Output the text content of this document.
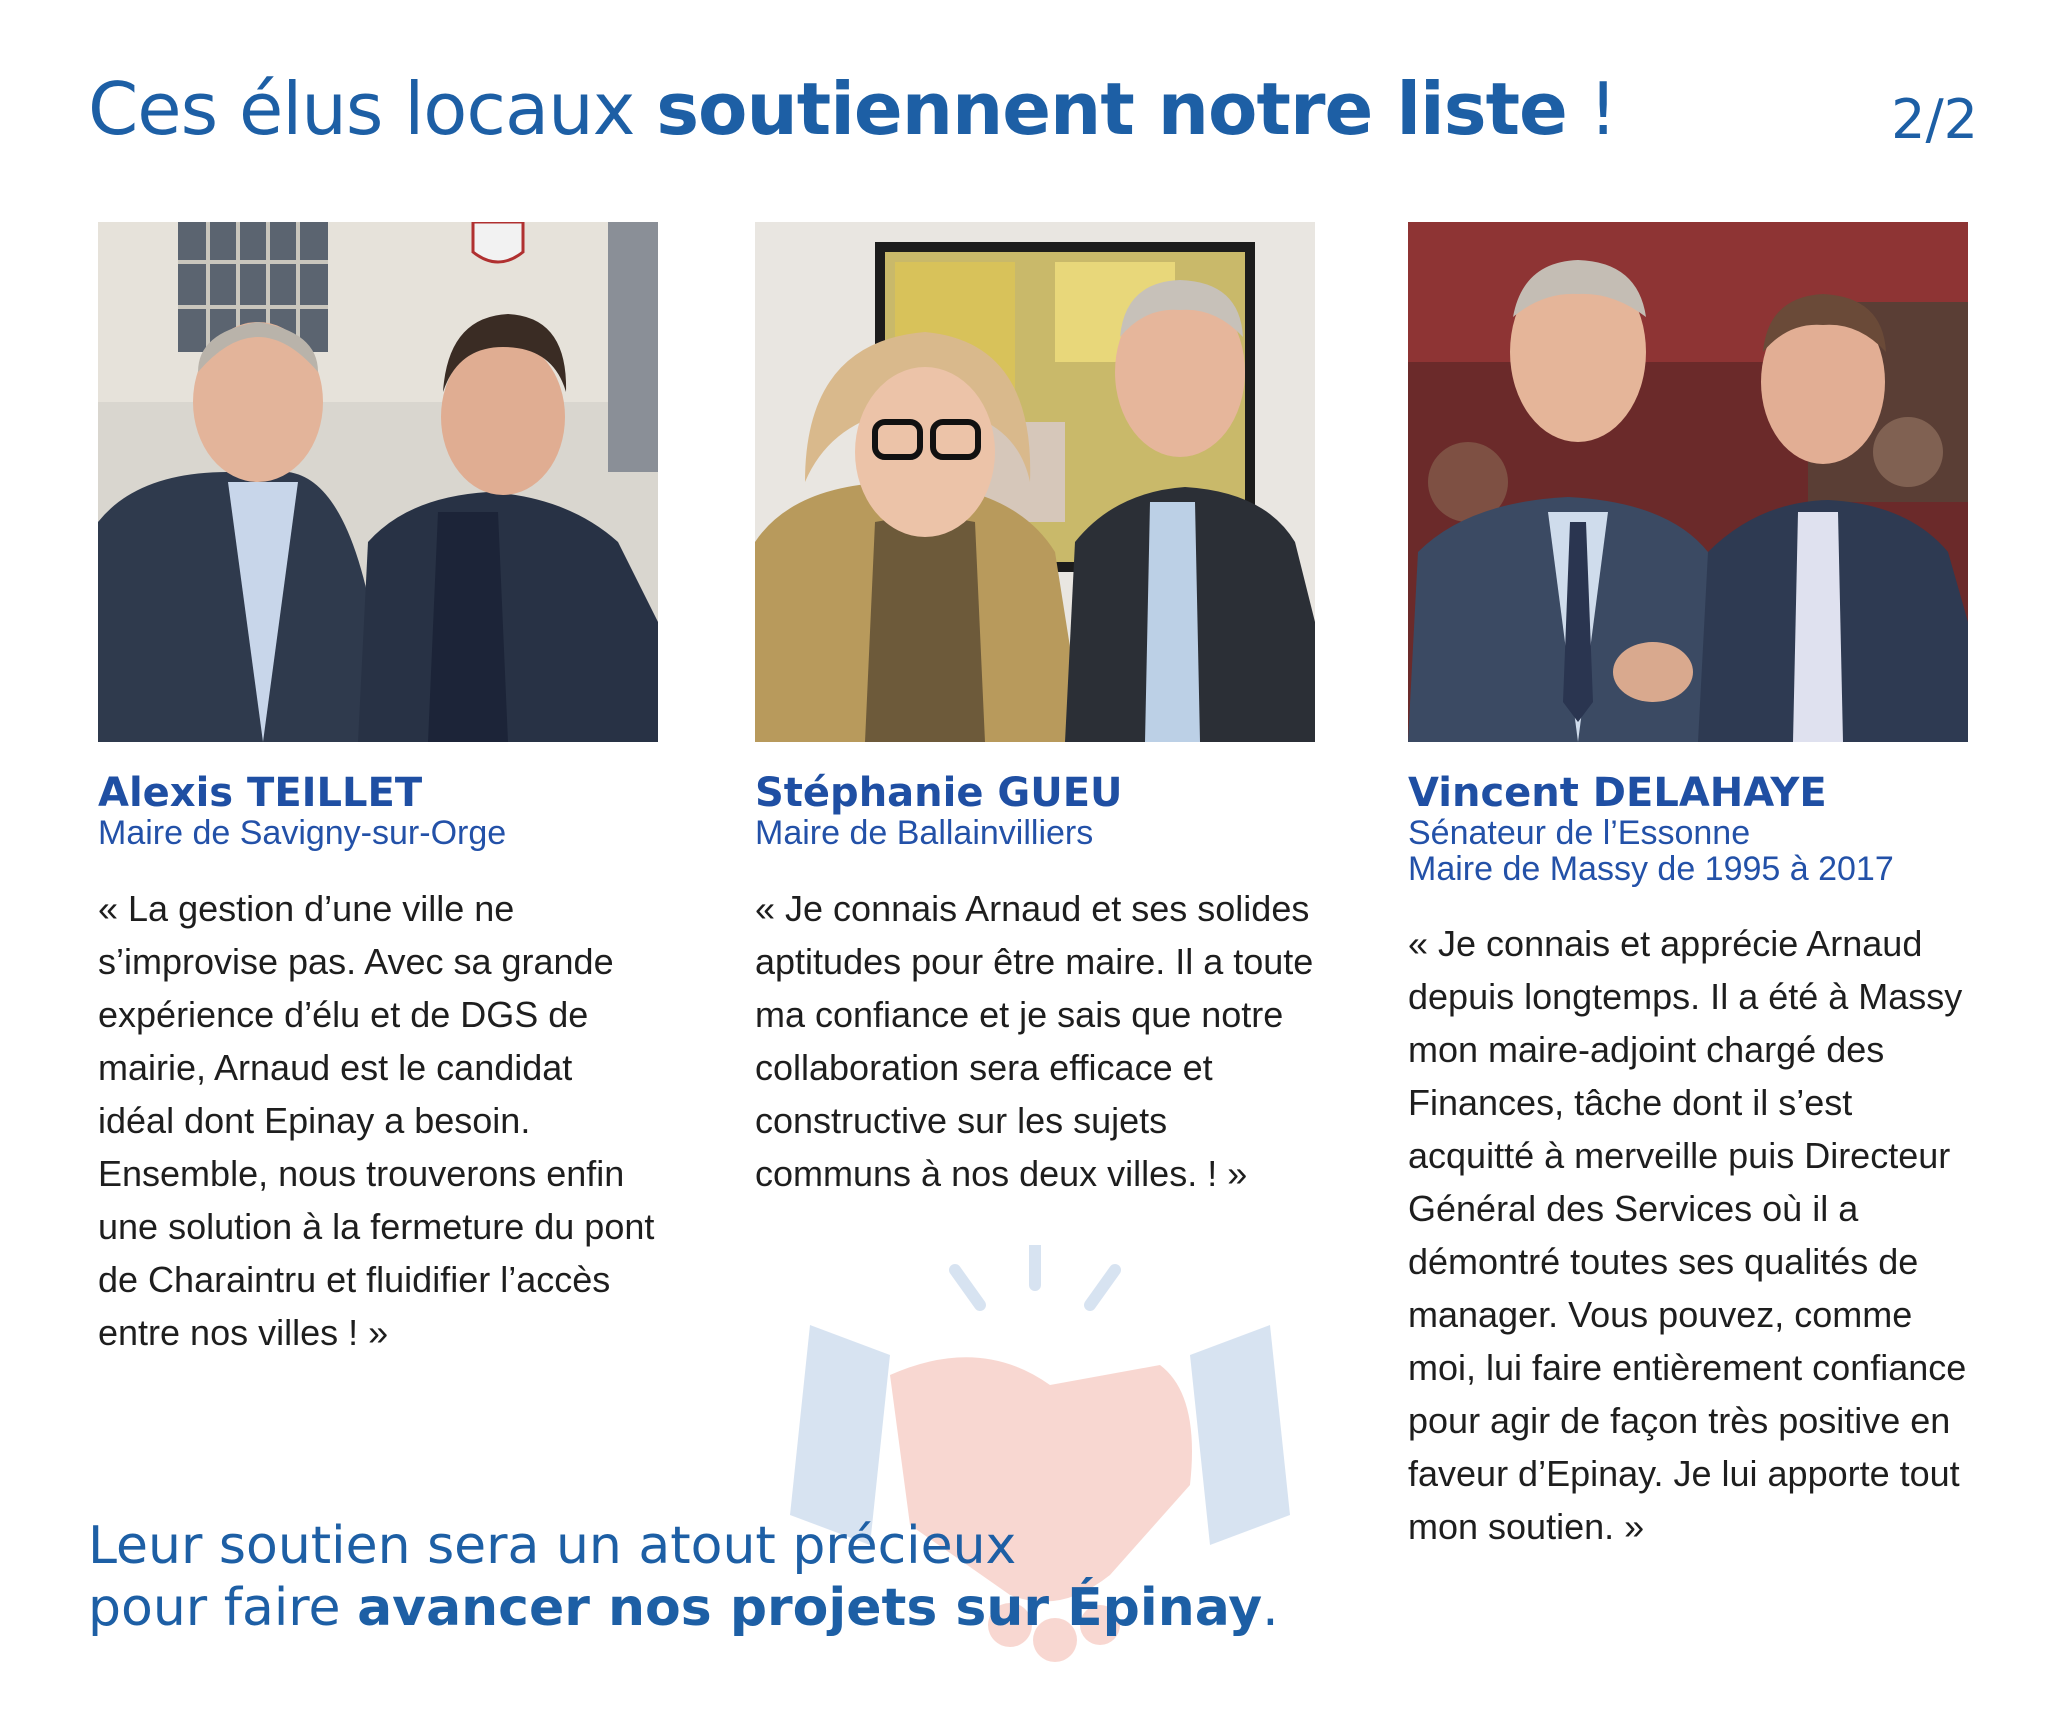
Ces élus locaux soutiennent notre liste !	2/2
Alexis TEILLET
Maire de Savigny-sur-Orge
« La gestion d’une ville ne s’improvise pas. Avec sa grande expérience d’élu et de DGS de mairie, Arnaud est le candidat idéal dont Epinay a besoin. Ensemble, nous trouverons enfin une solution à la fermeture du pont de Charaintru et fluidifier l’accès entre nos villes ! »
Stéphanie GUEU
Maire de Ballainvilliers
« Je connais Arnaud et ses solides aptitudes pour être maire. Il a toute ma confiance et je sais que notre collaboration sera efficace et constructive sur les sujets communs à nos deux villes. ! »
Vincent DELAHAYE
Sénateur de l’Essonne
Maire de Massy de 1995 à 2017
« Je connais et apprécie Arnaud depuis longtemps. Il a été à Massy mon maire-adjoint chargé des Finances, tâche dont il s’est acquitté à merveille puis Directeur Général des Services où il a démontré toutes ses qualités de manager. Vous pouvez, comme moi, lui faire entièrement confiance pour agir de façon très positive en faveur d’Epinay. Je lui apporte tout mon soutien. »
Leur soutien sera un atout précieux
pour faire avancer nos projets sur Épinay.
